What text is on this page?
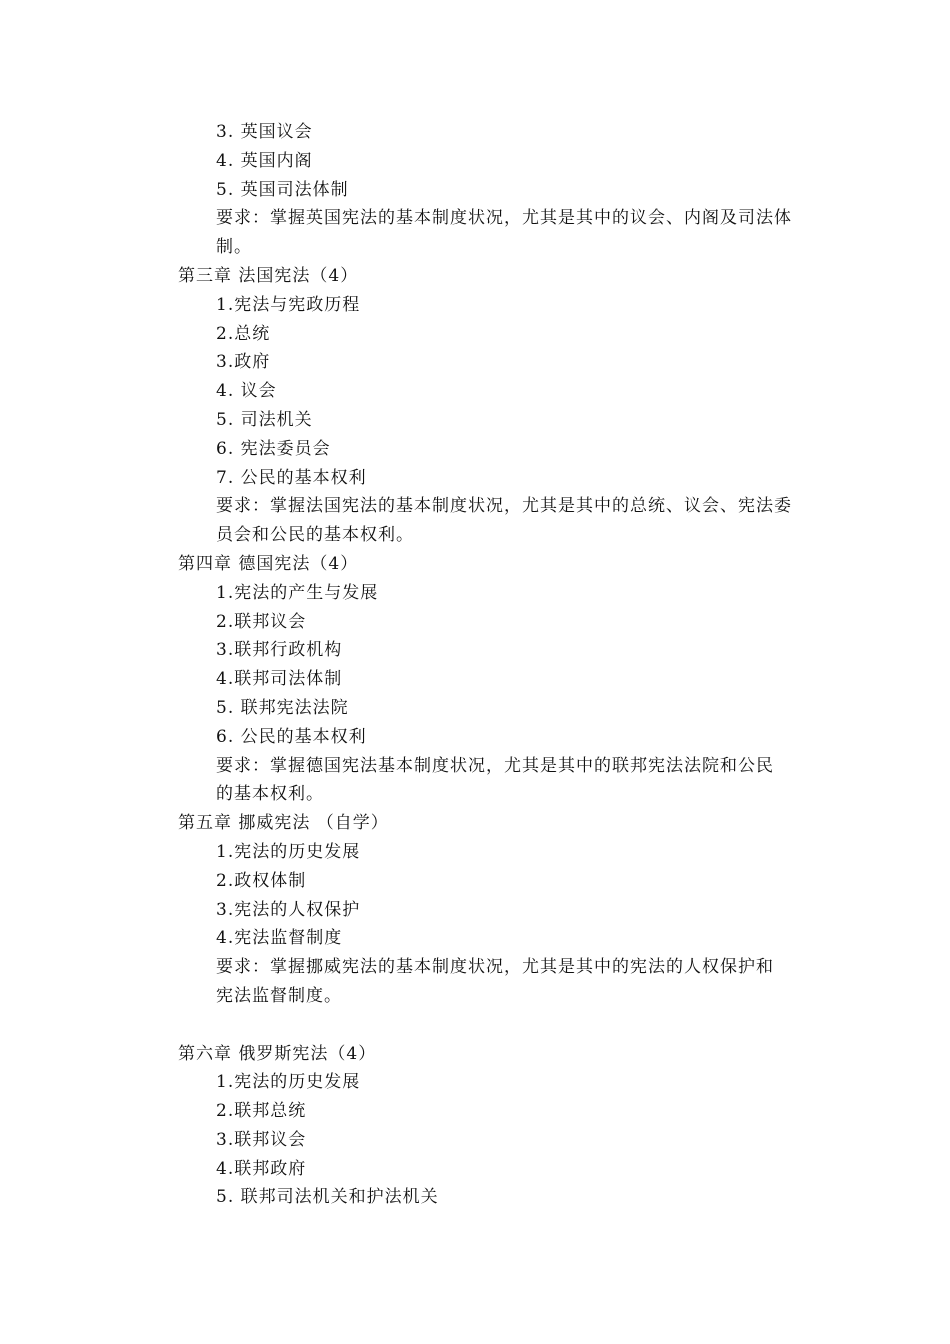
3. 英国议会
4. 英国内阁
5. 英国司法体制
要求：掌握英国宪法的基本制度状况，尤其是其中的议会、内阁及司法体
制。
第三章 法国宪法（4）
1.宪法与宪政历程
2.总统
3.政府
4. 议会
5. 司法机关
6. 宪法委员会
7. 公民的基本权利
要求：掌握法国宪法的基本制度状况，尤其是其中的总统、议会、宪法委
员会和公民的基本权利。
第四章 德国宪法（4）
1.宪法的产生与发展
2.联邦议会
3.联邦行政机构
4.联邦司法体制
5. 联邦宪法法院
6. 公民的基本权利
要求：掌握德国宪法基本制度状况，尤其是其中的联邦宪法法院和公民
的基本权利。
第五章 挪威宪法 （自学）
1.宪法的历史发展
2.政权体制
3.宪法的人权保护
4.宪法监督制度
要求：掌握挪威宪法的基本制度状况，尤其是其中的宪法的人权保护和
宪法监督制度。
第六章 俄罗斯宪法（4）
1.宪法的历史发展
2.联邦总统
3.联邦议会
4.联邦政府
5. 联邦司法机关和护法机关
